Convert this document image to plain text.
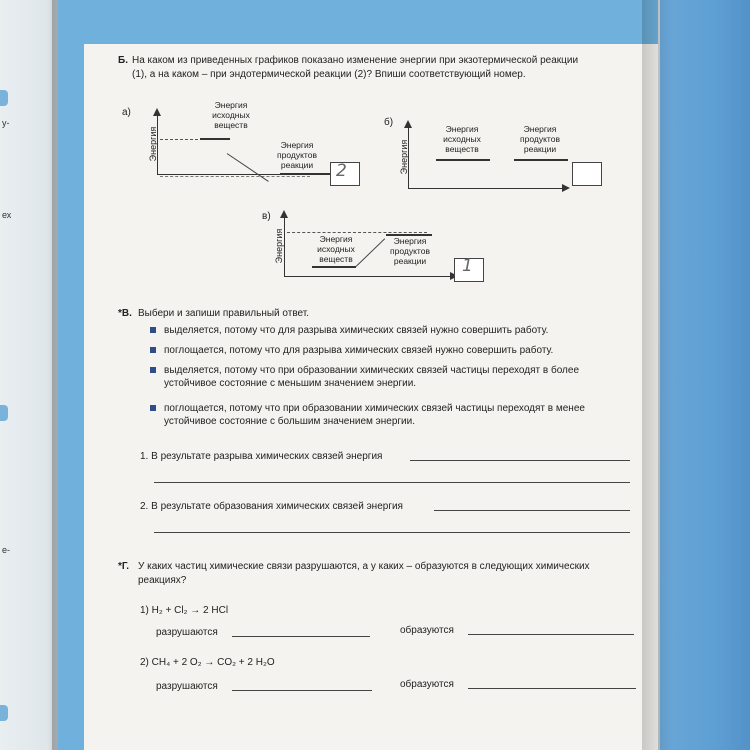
у-
ех
е-
Б. На каком из приведенных графиков показано изменение энергии при экзотермической реакции
(1), а на каком – при эндотермической реакции (2)? Впиши соответствующий номер.
а)
Энергия
Энергия
исходных
веществ
Энергия
продуктов
реакции	2
б)
Энергия
Энергия
исходных
веществ
Энергия
продуктов
реакции
в)
Энергия	Энергия
исходных
веществ
Энергия
продуктов
реакции	1
*В. Выбери и запиши правильный ответ.
выделяется, потому что для разрыва химических связей нужно совершить работу.
поглощается, потому что для разрыва химических связей нужно совершить работу.
выделяется, потому что при образовании химических связей частицы переходят в более
устойчивое состояние с меньшим значением энергии.
поглощается, потому что при образовании химических связей частицы переходят в менее
устойчивое состояние с большим значением энергии.
1. В результате разрыва химических связей энергия
2. В результате образования химических связей энергия
*Г. У каких частиц химические связи разрушаются, а у каких – образуются в следующих химических
реакциях?
1) H₂ + Cl₂ → 2 HCl
разрушаются	образуются
2) CH₄ + 2 O₂ → CO₂ + 2 H₂O
разрушаются	образуются
